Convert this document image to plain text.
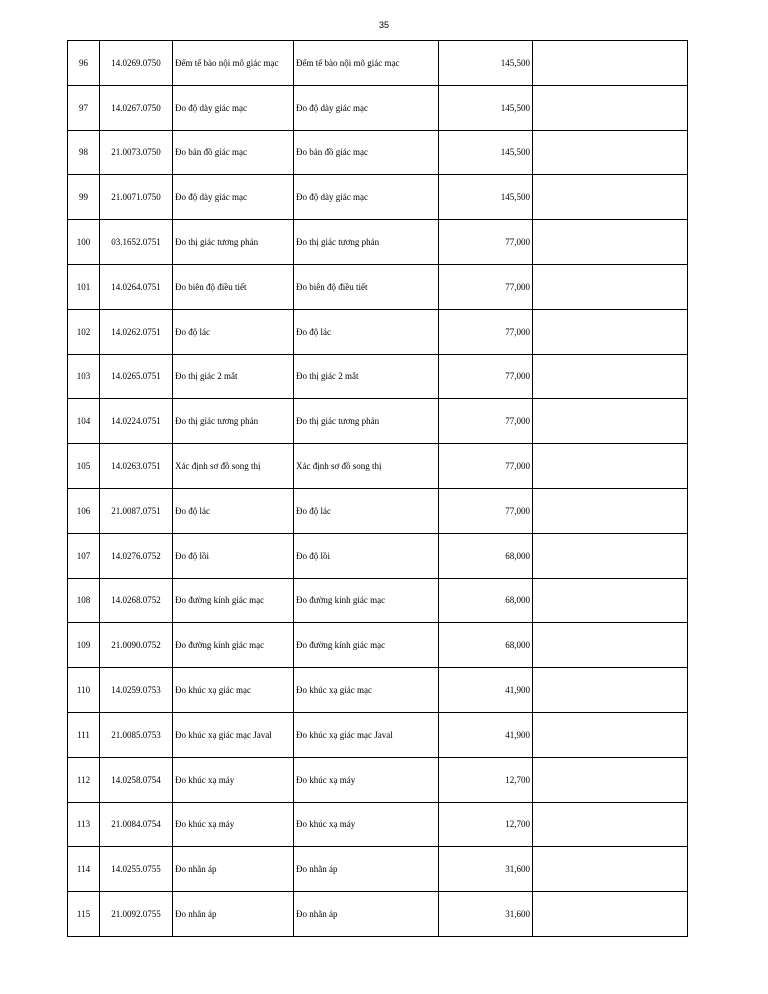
35
96	14.0269.0750	Đếm tế bào nội mô giác mạc	Đếm tế bào nội mô giác mạc	145,500	
97	14.0267.0750	Đo độ dày giác mạc	Đo độ dày giác mạc	145,500	
98	21.0073.0750	Đo bản đồ giác mạc	Đo bản đồ giác mạc	145,500	
99	21.0071.0750	Đo độ dày giác mạc	Đo độ dày giác mạc	145,500	
100	03.1652.0751	Đo thị giác tương phản	Đo thị giác tương phản	77,000	
101	14.0264.0751	Đo biên độ điều tiết	Đo biên độ điều tiết	77,000	
102	14.0262.0751	Đo độ lác	Đo độ lác	77,000	
103	14.0265.0751	Đo thị giác 2 mắt	Đo thị giác 2 mắt	77,000	
104	14.0224.0751	Đo thị giác tương phản	Đo thị giác tương phản	77,000	
105	14.0263.0751	Xác định sơ đồ song thị	Xác định sơ đồ song thị	77,000	
106	21.0087.0751	Đo độ lác	Đo độ lác	77,000	
107	14.0276.0752	Đo độ lồi	Đo độ lồi	68,000	
108	14.0268.0752	Đo đường kính giác mạc	Đo đường kính giác mạc	68,000	
109	21.0090.0752	Đo đường kính giác mạc	Đo đường kính giác mạc	68,000	
110	14.0259.0753	Đo khúc xạ giác mạc	Đo khúc xạ giác mạc	41,900	
111	21.0085.0753	Đo khúc xạ giác mạc Javal	Đo khúc xạ giác mạc Javal	41,900	
112	14.0258.0754	Đo khúc xạ máy	Đo khúc xạ máy	12,700	
113	21.0084.0754	Đo khúc xạ máy	Đo khúc xạ máy	12,700	
114	14.0255.0755	Đo nhãn áp	Đo nhãn áp	31,600	
115	21.0092.0755	Đo nhãn áp	Đo nhãn áp	31,600	
